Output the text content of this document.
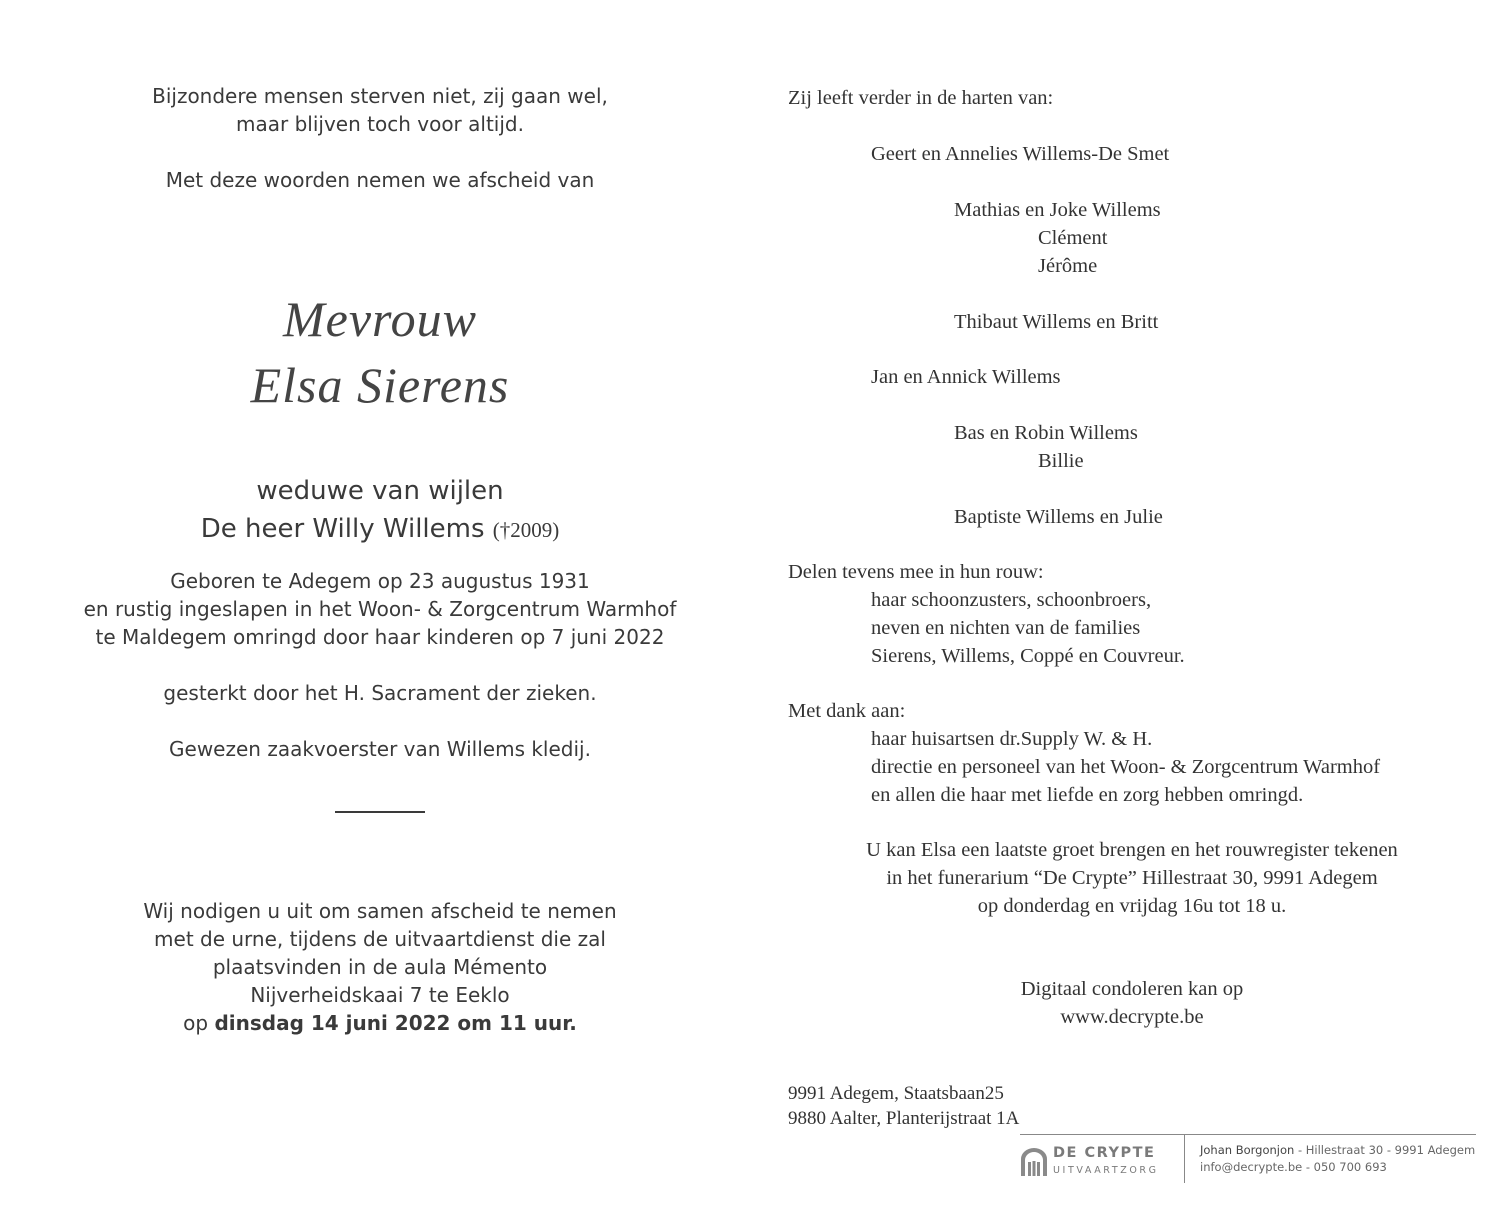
Bijzondere mensen sterven niet, zij gaan wel,
maar blijven toch voor altijd.
Met deze woorden nemen we afscheid van
Mevrouw
Elsa Sierens
weduwe van wijlen
De heer Willy Willems (†2009)
Geboren te Adegem op 23 augustus 1931
en rustig ingeslapen in het Woon- & Zorgcentrum Warmhof
te Maldegem omringd door haar kinderen op 7 juni 2022
gesterkt door het H. Sacrament der zieken.
Gewezen zaakvoerster van Willems kledij.
Wij nodigen u uit om samen afscheid te nemen
met de urne, tijdens de uitvaartdienst die zal
plaatsvinden in de aula Mémento
Nijverheidskaai 7 te Eeklo
op dinsdag 14 juni 2022 om 11 uur.
Zij leeft verder in de harten van:
Geert en Annelies Willems-De Smet
Mathias en Joke Willems
Clément
Jérôme
Thibaut Willems en Britt
Jan en Annick Willems
Bas en Robin Willems
Billie
Baptiste Willems en Julie
Delen tevens mee in hun rouw:
haar schoonzusters, schoonbroers,
neven en nichten van de families
Sierens, Willems, Coppé en Couvreur.
Met dank aan:
haar huisartsen dr.Supply W. & H.
directie en personeel van het Woon- & Zorgcentrum Warmhof
en allen die haar met liefde en zorg hebben omringd.
U kan Elsa een laatste groet brengen en het rouwregister tekenen
in het funerarium “De Crypte” Hillestraat 30, 9991 Adegem
op donderdag en vrijdag 16u tot 18 u.
Digitaal condoleren kan op
www.decrypte.be
9991 Adegem, Staatsbaan25
9880 Aalter, Planterijstraat 1A
DE CRYPTE
UITVAARTZORG
Johan Borgonjon - Hillestraat 30 - 9991 Adegem
info@decrypte.be - 050 700 693
